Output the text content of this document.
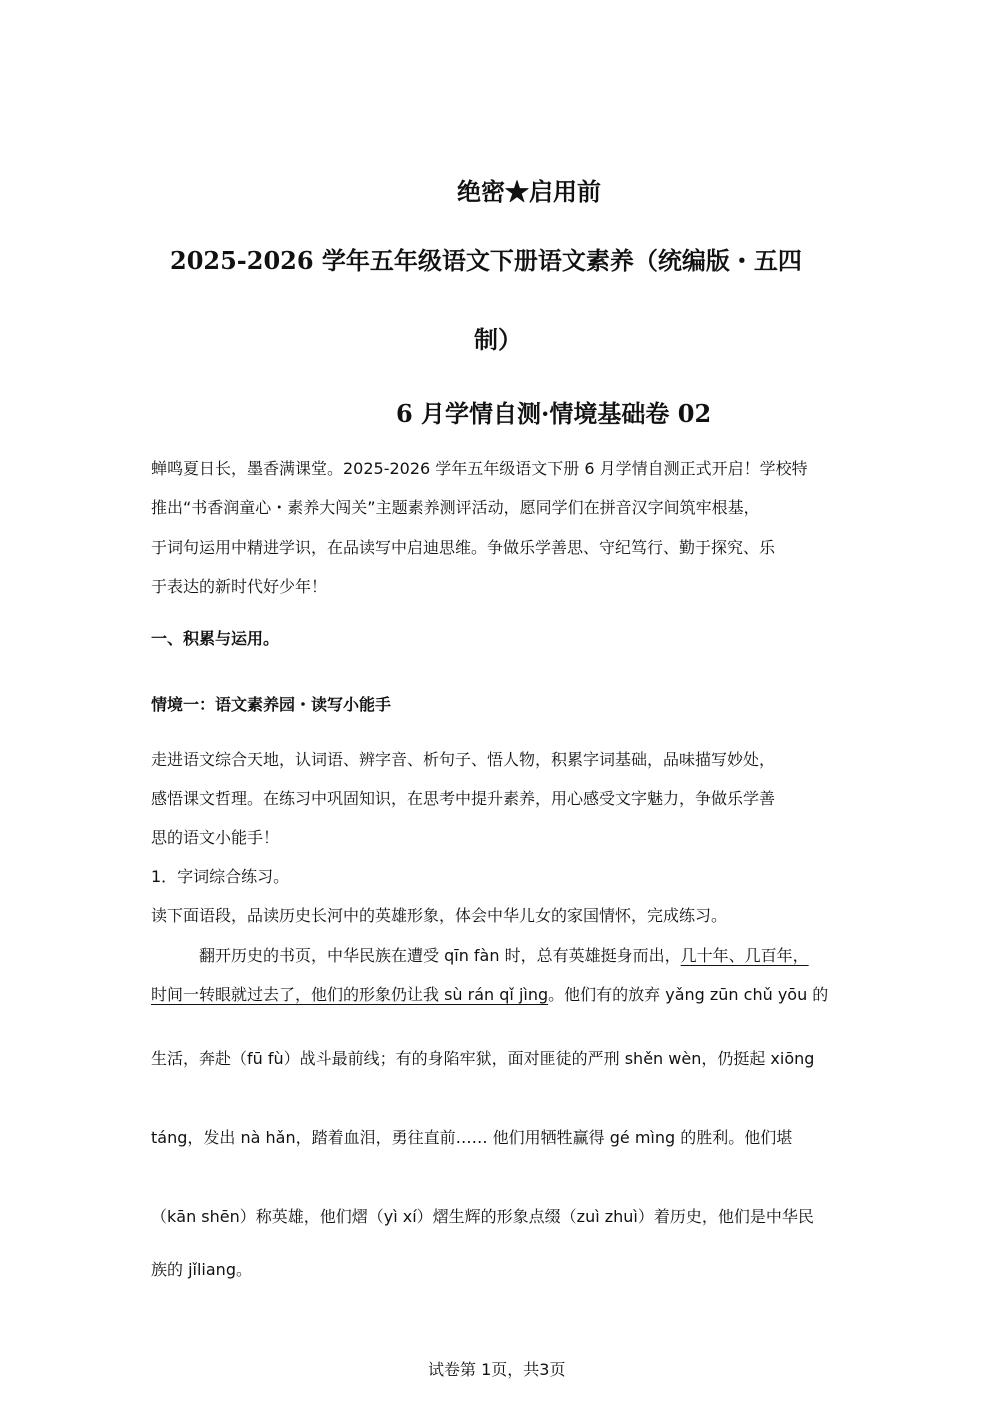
绝密★启用前
2025-2026 学年五年级语文下册语文素养（统编版・五四
制）
6 月学情自测·情境基础卷 02
蝉鸣夏日长，墨香满课堂。2025-2026 学年五年级语文下册 6 月学情自测正式开启！学校特
推出“书香润童心・素养大闯关”主题素养测评活动，愿同学们在拼音汉字间筑牢根基，
于词句运用中精进学识，在品读写中启迪思维。争做乐学善思、守纪笃行、勤于探究、乐
于表达的新时代好少年！
一、积累与运用。
情境一：语文素养园・读写小能手
走进语文综合天地，认词语、辨字音、析句子、悟人物，积累字词基础，品味描写妙处，
感悟课文哲理。在练习中巩固知识，在思考中提升素养，用心感受文字魅力，争做乐学善
思的语文小能手！
1．字词综合练习。
读下面语段，品读历史长河中的英雄形象，体会中华儿女的家国情怀，完成练习。
翻开历史的书页，中华民族在遭受 qīn fàn 时，总有英雄挺身而出，几十年、几百年，
时间一转眼就过去了，他们的形象仍让我 sù rán qǐ jìng。他们有的放弃 yǎng zūn chǔ yōu 的
生活，奔赴（fū fù）战斗最前线；有的身陷牢狱，面对匪徒的严刑 shěn wèn，仍挺起 xiōng
táng，发出 nà hǎn，踏着血泪，勇往直前…… 他们用牺牲赢得 gé mìng 的胜利。他们堪
（kān shēn）称英雄，他们熠（yì xí）熠生辉的形象点缀（zuì zhuì）着历史，他们是中华民
族的 jǐliang。
试卷第 1页，共3页
